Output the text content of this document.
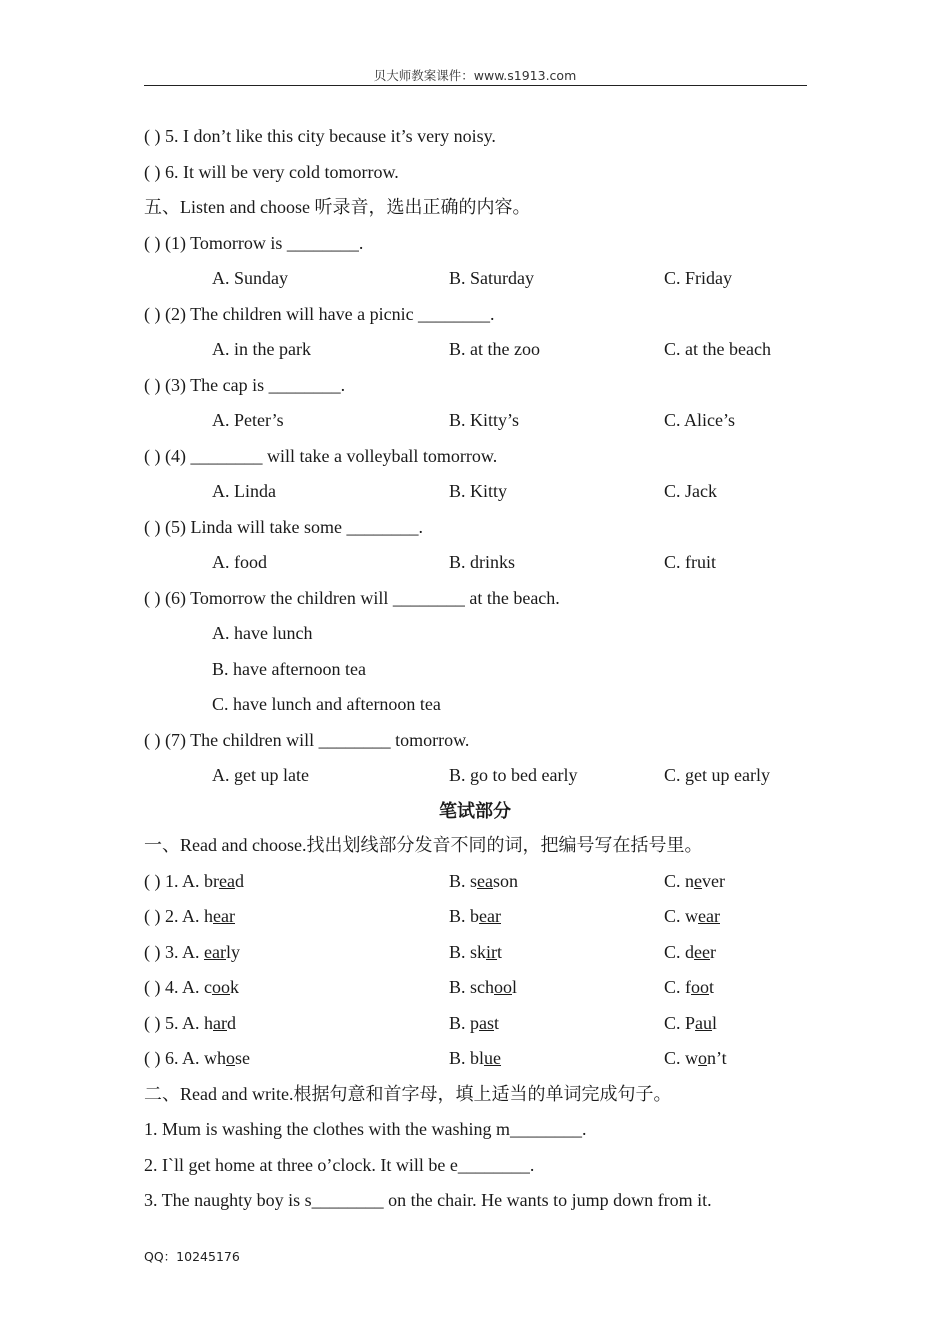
贝大师教案课件：www.s1913.com
( ) 5. I don’t like this city because it’s very noisy.
( ) 6. It will be very cold tomorrow.
五、Listen and choose 听录音，选出正确的内容。
( ) (1) Tomorrow is ________.
A. Sunday	B. Saturday	C. Friday
( ) (2) The children will have a picnic ________.
A. in the park	B. at the zoo	C. at the beach
( ) (3) The cap is ________.
A. Peter’s	B. Kitty’s	C. Alice’s
( ) (4) ________ will take a volleyball tomorrow.
A. Linda	B. Kitty	C. Jack
( ) (5) Linda will take some ________.
A. food	B. drinks	C. fruit
( ) (6) Tomorrow the children will ________ at the beach.
A. have lunch
B. have afternoon tea
C. have lunch and afternoon tea
( ) (7) The children will ________ tomorrow.
A. get up late	B. go to bed early	C. get up early
笔试部分
一、Read and choose.找出划线部分发音不同的词，把编号写在括号里。
( ) 1. A. bread	B. season	C. never
( ) 2. A. hear	B. bear	C. wear
( ) 3. A. early	B. skirt	C. deer
( ) 4. A. cook	B. school	C. foot
( ) 5. A. hard	B. past	C. Paul
( ) 6. A. whose	B. blue	C. won’t
二、Read and write.根据句意和首字母，填上适当的单词完成句子。
1. Mum is washing the clothes with the washing m________.
2. I`ll get home at three o’clock. It will be e________.
3. The naughty boy is s________ on the chair. He wants to jump down from it.
QQ：10245176
